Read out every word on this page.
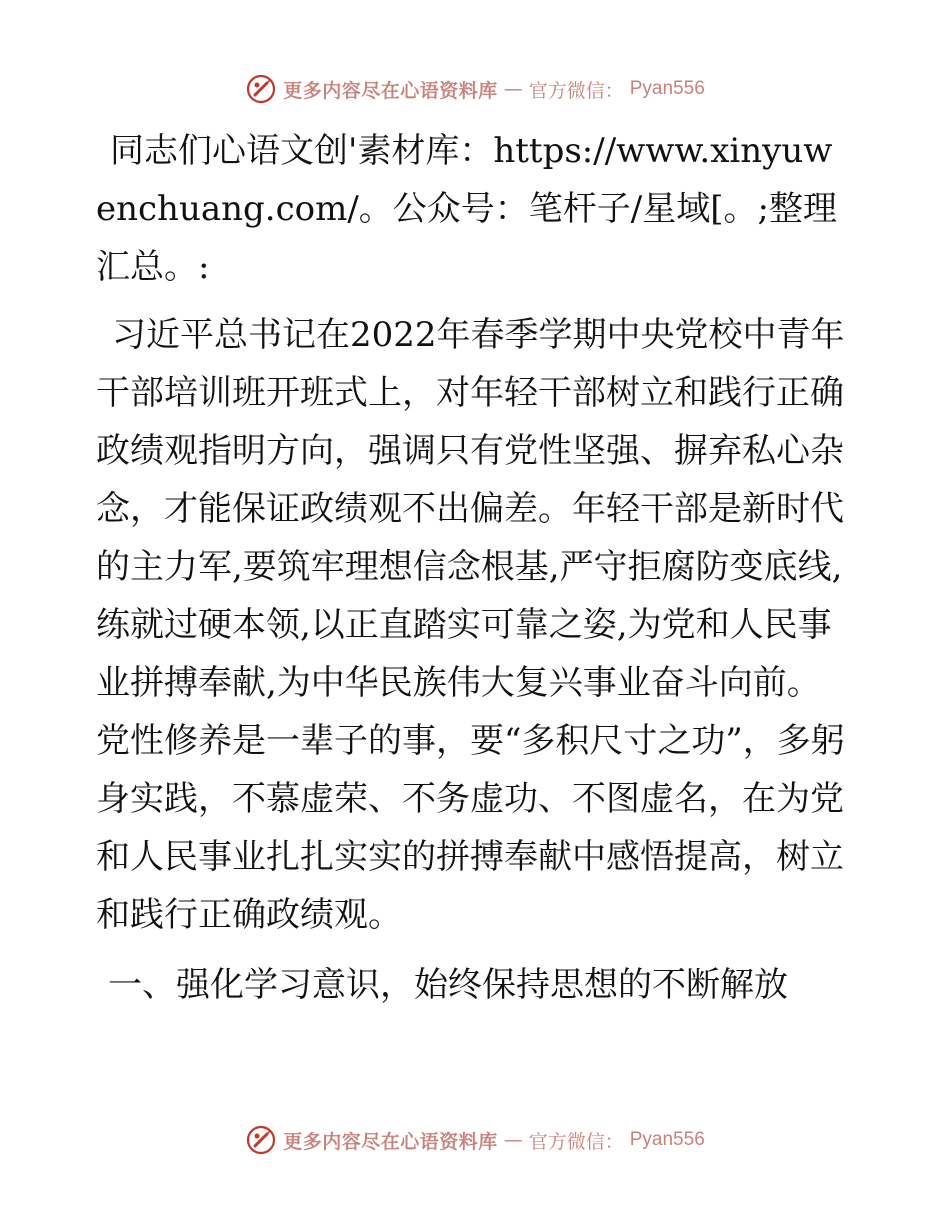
更多内容尽在心语资料库 — 官方微信： Pyan556

同志们心语文创'素材库：https://www.xinyuwenchuang.com/。公众号：笔杆子/星域[。;整理汇总。:

习近平总书记在2022年春季学期中央党校中青年干部培训班开班式上，对年轻干部树立和践行正确政绩观指明方向，强调只有党性坚强、摒弃私心杂念，才能保证政绩观不出偏差。年轻干部是新时代的主力军,要筑牢理想信念根基,严守拒腐防变底线,练就过硬本领,以正直踏实可靠之姿,为党和人民事业拼搏奉献,为中华民族伟大复兴事业奋斗向前。党性修养是一辈子的事，要“多积尺寸之功”，多躬身实践，不慕虚荣、不务虚功、不图虚名，在为党和人民事业扎扎实实的拼搏奉献中感悟提高，树立和践行正确政绩观。

一、强化学习意识，始终保持思想的不断解放

更多内容尽在心语资料库 — 官方微信： Pyan556
